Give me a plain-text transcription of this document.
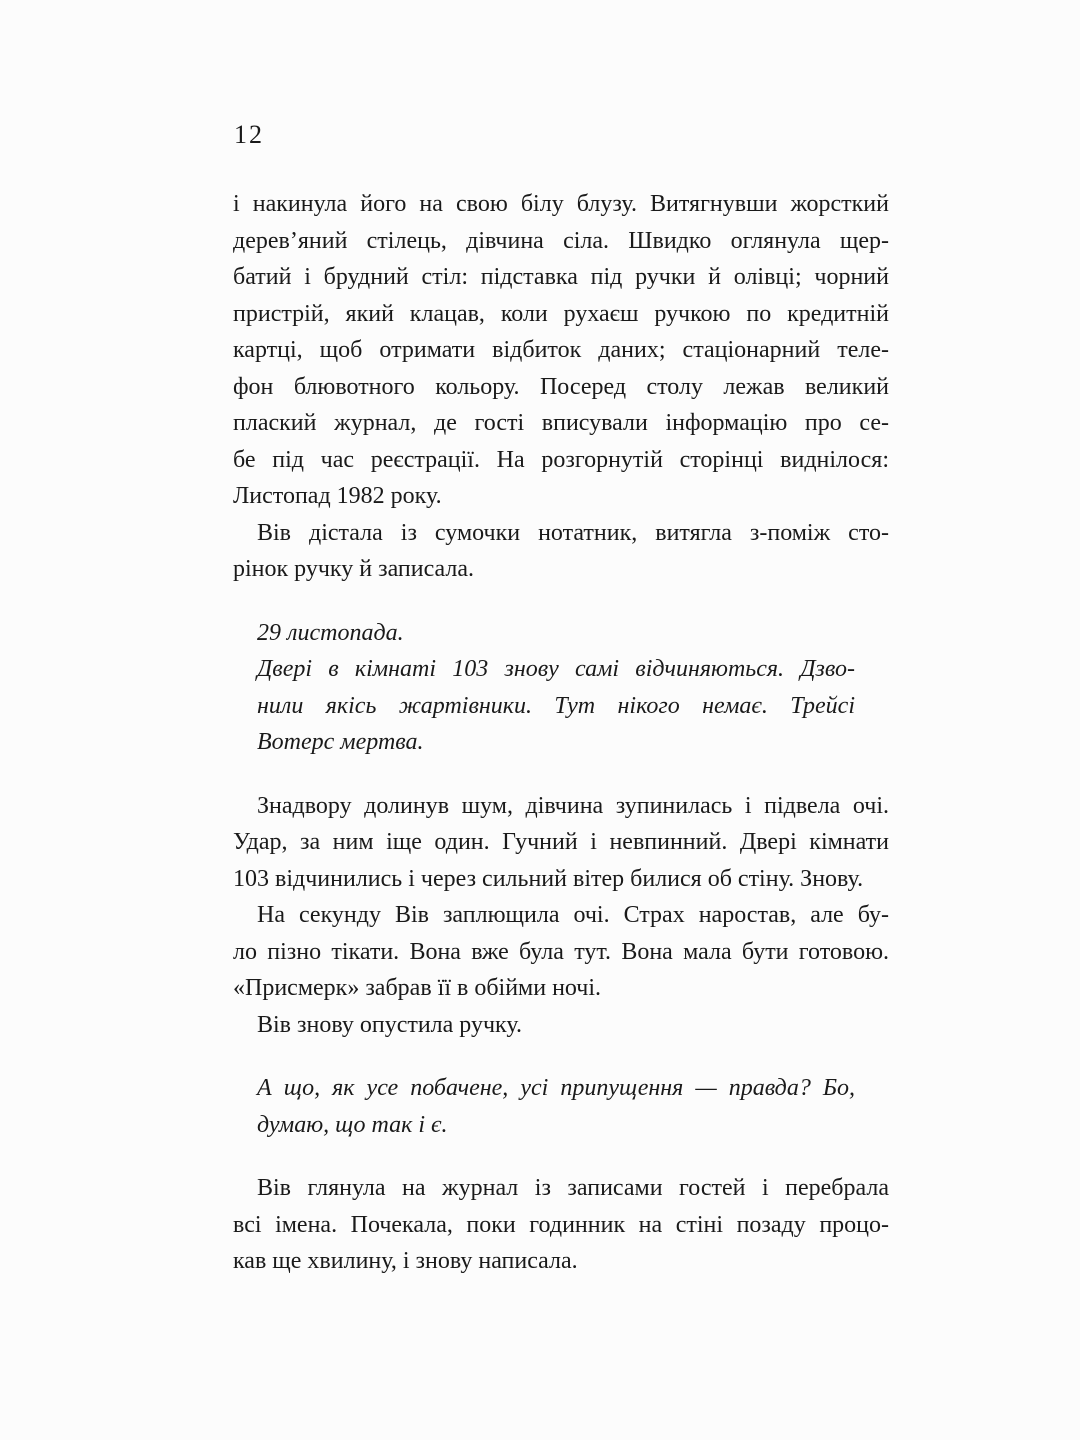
12
і накинула його на свою білу блузу. Витягнувши жорсткий
дерев’яний стілець, дівчина сіла. Швидко оглянула щер-
батий і брудний стіл: підставка під ручки й олівці; чорний
пристрій, який клацав, коли рухаєш ручкою по кредитній
картці, щоб отримати відбиток даних; стаціонарний теле-
фон блювотного кольору. Посеред столу лежав великий
плаский журнал, де гості вписували інформацію про се-
бе під час реєстрації. На розгорнутій сторінці виднілося:
Листопад 1982 року.
Вів дістала із сумочки нотатник, витягла з-поміж сто-
рінок ручку й записала.
29 листопада.
Двері в кімнаті 103 знову самі відчиняються. Дзво-
нили якісь жартівники. Тут нікого немає. Трейсі
Вотерс мертва.
Знадвору долинув шум, дівчина зупинилась і підвела очі.
Удар, за ним іще один. Гучний і невпинний. Двері кімнати
103 відчинились і через сильний вітер билися об стіну. Знову.
На секунду Вів заплющила очі. Страх наростав, але бу-
ло пізно тікати. Вона вже була тут. Вона мала бути готовою.
«Присмерк» забрав її в обійми ночі.
Вів знову опустила ручку.
А що, як усе побачене, усі припущення — правда? Бо,
думаю, що так і є.
Вів глянула на журнал із записами гостей і перебрала
всі імена. Почекала, поки годинник на стіні позаду процо-
кав ще хвилину, і знову написала.
